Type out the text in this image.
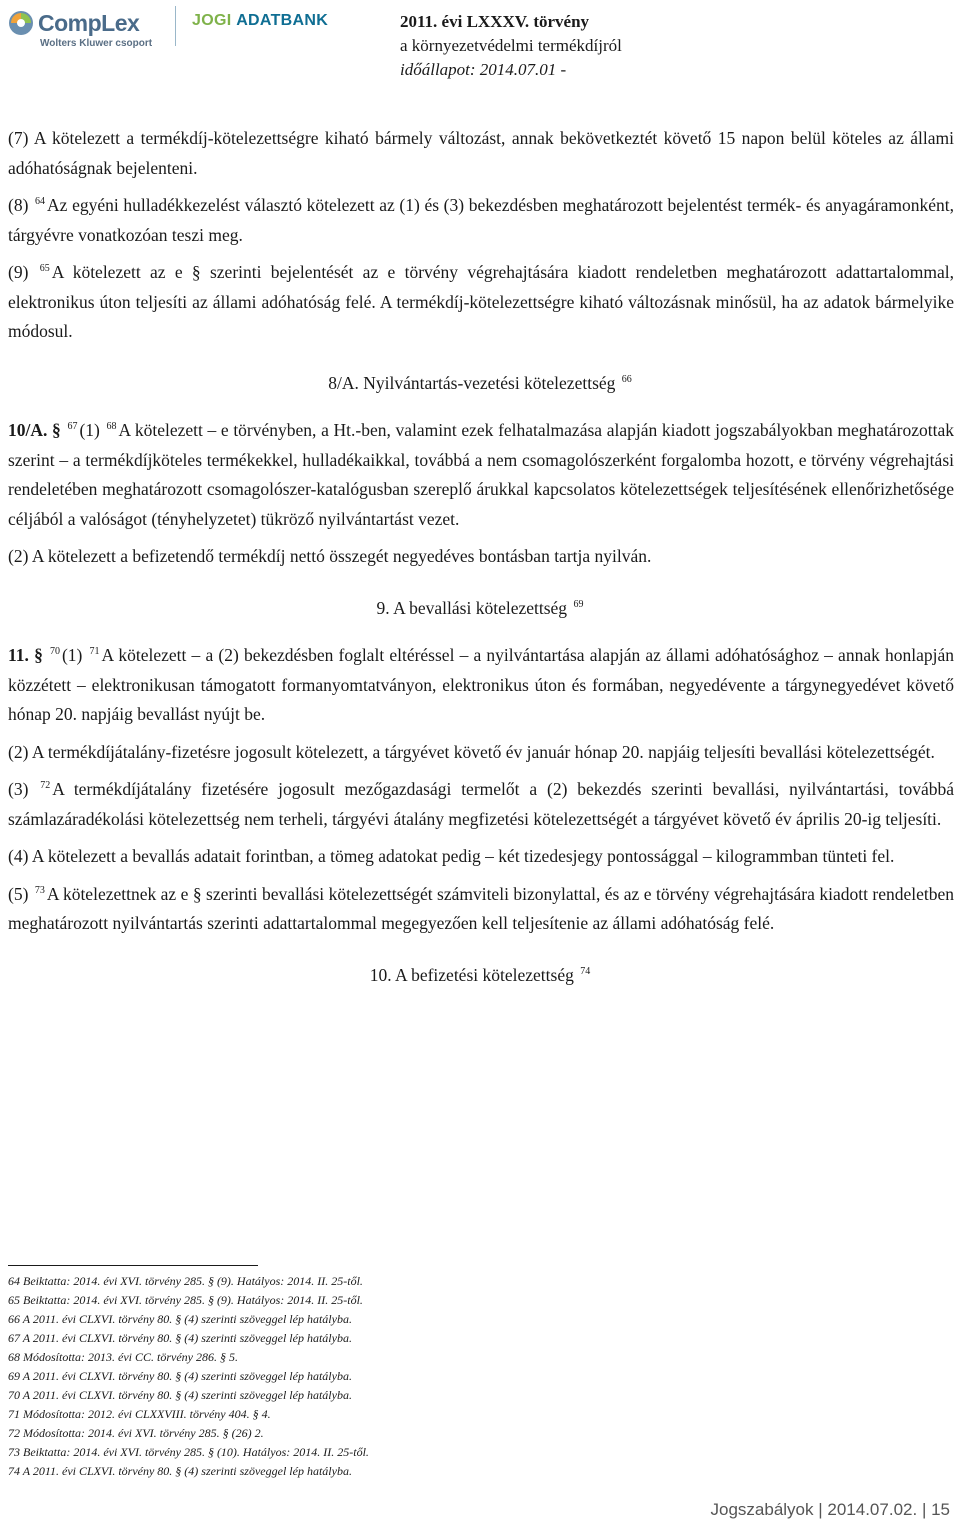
CompLex
Wolters Kluwer csoport
JOGI ADATBANK	2011. évi LXXXV. törvény
a környezetvédelmi termékdíjról
időállapot: 2014.07.01 -

(7) A kötelezett a termékdíj-kötelezettségre kiható bármely változást, annak bekövetkeztét követő 15 napon belül köteles az állami adóhatóságnak bejelenteni.

(8) $^{64}$ Az egyéni hulladékkezelést választó kötelezett az (1) és (3) bekezdésben meghatározott bejelentést termék- és anyagáramonként, tárgyévre vonatkozóan teszi meg.

(9) $^{65}$ A kötelezett az e § szerinti bejelentését az e törvény végrehajtására kiadott rendeletben meghatározott adattartalommal, elektronikus úton teljesíti az állami adóhatóság felé. A termékdíj-kötelezettségre kiható változásnak minősül, ha az adatok bármelyike módosul.

8/A. Nyilvántartás-vezetési kötelezettség $^{66}$

10/A. § $^{67}$ (1) $^{68}$ A kötelezett – e törvényben, a Ht.-ben, valamint ezek felhatalmazása alapján kiadott jogszabályokban meghatározottak szerint – a termékdíjköteles termékekkel, hulladékaikkal, továbbá a nem csomagolószerként forgalomba hozott, e törvény végrehajtási rendeletében meghatározott csomagolószer-katalógusban szereplő árukkal kapcsolatos kötelezettségek teljesítésének ellenőrizhetősége céljából a valóságot (tényhelyzetet) tükröző nyilvántartást vezet.

(2) A kötelezett a befizetendő termékdíj nettó összegét negyedéves bontásban tartja nyilván.

9. A bevallási kötelezettség $^{69}$

11. § $^{70}$ (1) $^{71}$ A kötelezett – a (2) bekezdésben foglalt eltéréssel – a nyilvántartása alapján az állami adóhatósághoz – annak honlapján közzétett – elektronikusan támogatott formanyomtatványon, elektronikus úton és formában, negyedévente a tárgynegyedévet követő hónap 20. napjáig bevallást nyújt be.

(2) A termékdíjátalány-fizetésre jogosult kötelezett, a tárgyévet követő év január hónap 20. napjáig teljesíti bevallási kötelezettségét.

(3) $^{72}$ A termékdíjátalány fizetésére jogosult mezőgazdasági termelőt a (2) bekezdés szerinti bevallási, nyilvántartási, továbbá számlazáradékolási kötelezettség nem terheli, tárgyévi átalány megfizetési kötelezettségét a tárgyévet követő év április 20-ig teljesíti.

(4) A kötelezett a bevallás adatait forintban, a tömeg adatokat pedig – két tizedesjegy pontossággal – kilogrammban tünteti fel.

(5) $^{73}$ A kötelezettnek az e § szerinti bevallási kötelezettségét számviteli bizonylattal, és az e törvény végrehajtására kiadott rendeletben meghatározott nyilvántartás szerinti adattartalommal megegyezően kell teljesítenie az állami adóhatóság felé.

10. A befizetési kötelezettség $^{74}$

64 Beiktatta: 2014. évi XVI. törvény 285. § (9). Hatályos: 2014. II. 25-től.
65 Beiktatta: 2014. évi XVI. törvény 285. § (9). Hatályos: 2014. II. 25-től.
66 A 2011. évi CLXVI. törvény 80. § (4) szerinti szöveggel lép hatályba.
67 A 2011. évi CLXVI. törvény 80. § (4) szerinti szöveggel lép hatályba.
68 Módosította: 2013. évi CC. törvény 286. § 5.
69 A 2011. évi CLXVI. törvény 80. § (4) szerinti szöveggel lép hatályba.
70 A 2011. évi CLXVI. törvény 80. § (4) szerinti szöveggel lép hatályba.
71 Módosította: 2012. évi CLXXVIII. törvény 404. § 4.
72 Módosította: 2014. évi XVI. törvény 285. § (26) 2.
73 Beiktatta: 2014. évi XVI. törvény 285. § (10). Hatályos: 2014. II. 25-től.
74 A 2011. évi CLXVI. törvény 80. § (4) szerinti szöveggel lép hatályba.
Jogszabályok | 2014.07.02. | 15
